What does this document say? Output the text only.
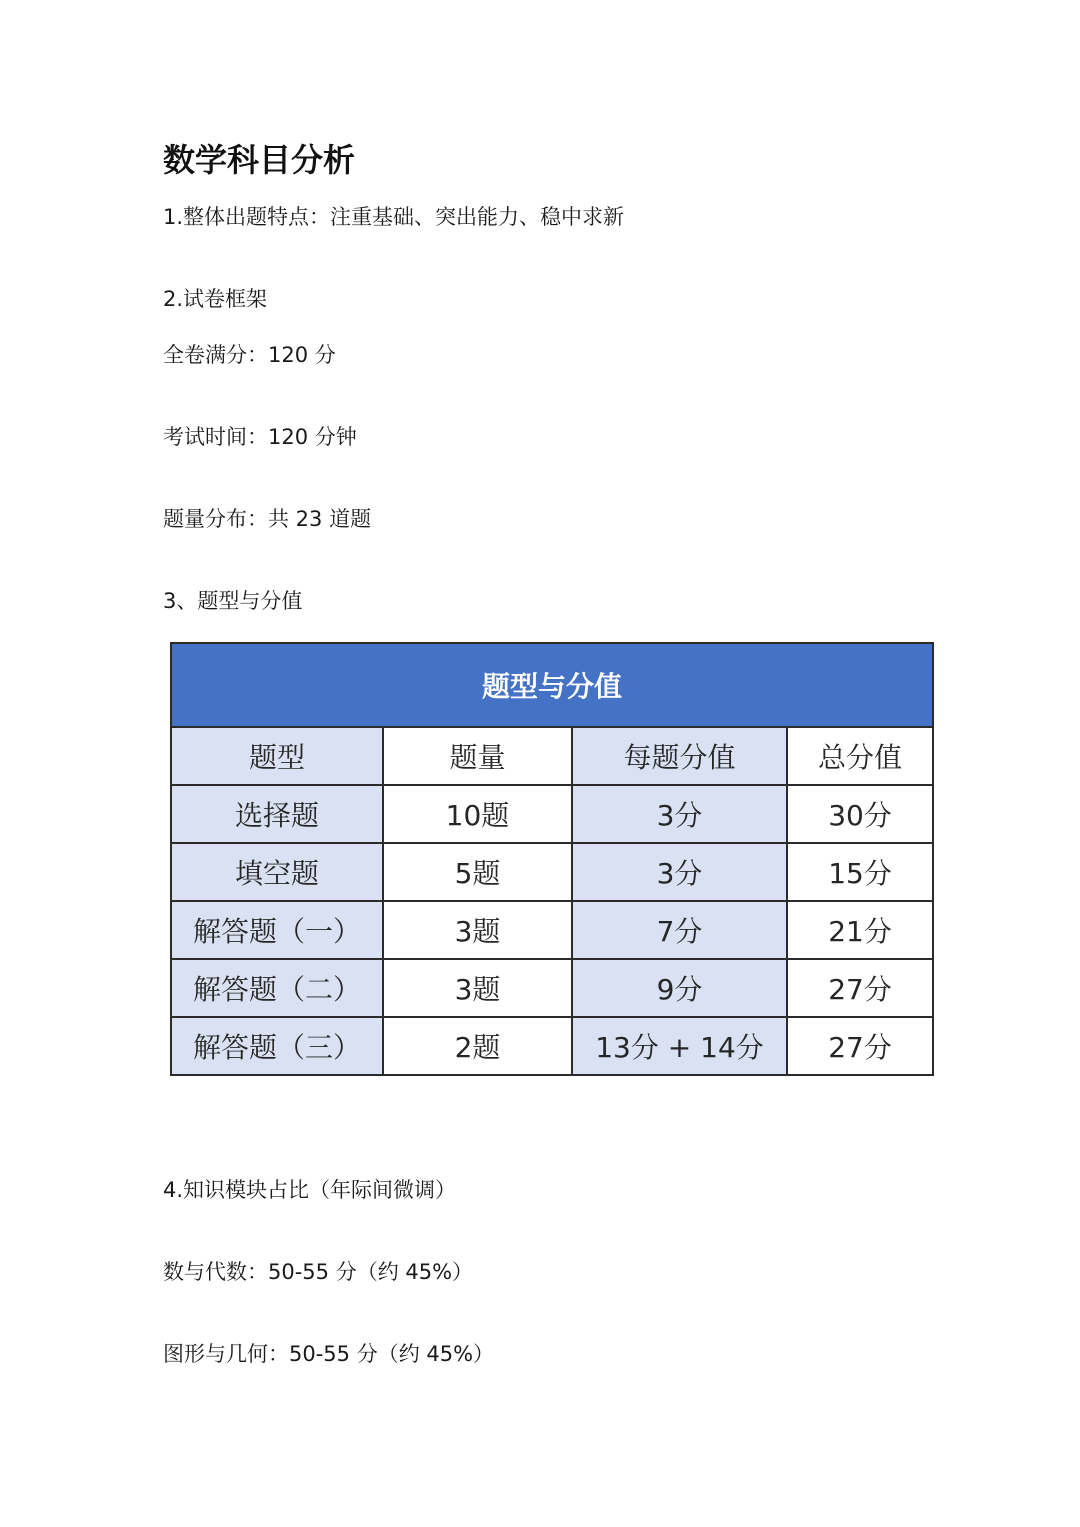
数学科目分析
1.整体出题特点：注重基础、突出能力、稳中求新
2.试卷框架
全卷满分：120 分
考试时间：120 分钟
题量分布：共 23 道题
3、题型与分值
题型与分值			
题型	题量	每题分值	总分值
选择题	10题	3分	30分
填空题	5题	3分	15分
解答题（一）	3题	7分	21分
解答题（二）	3题	9分	27分
解答题（三）	2题	13分 + 14分	27分
4.知识模块占比（年际间微调）
数与代数：50-55 分（约 45%）
图形与几何：50-55 分（约 45%）
